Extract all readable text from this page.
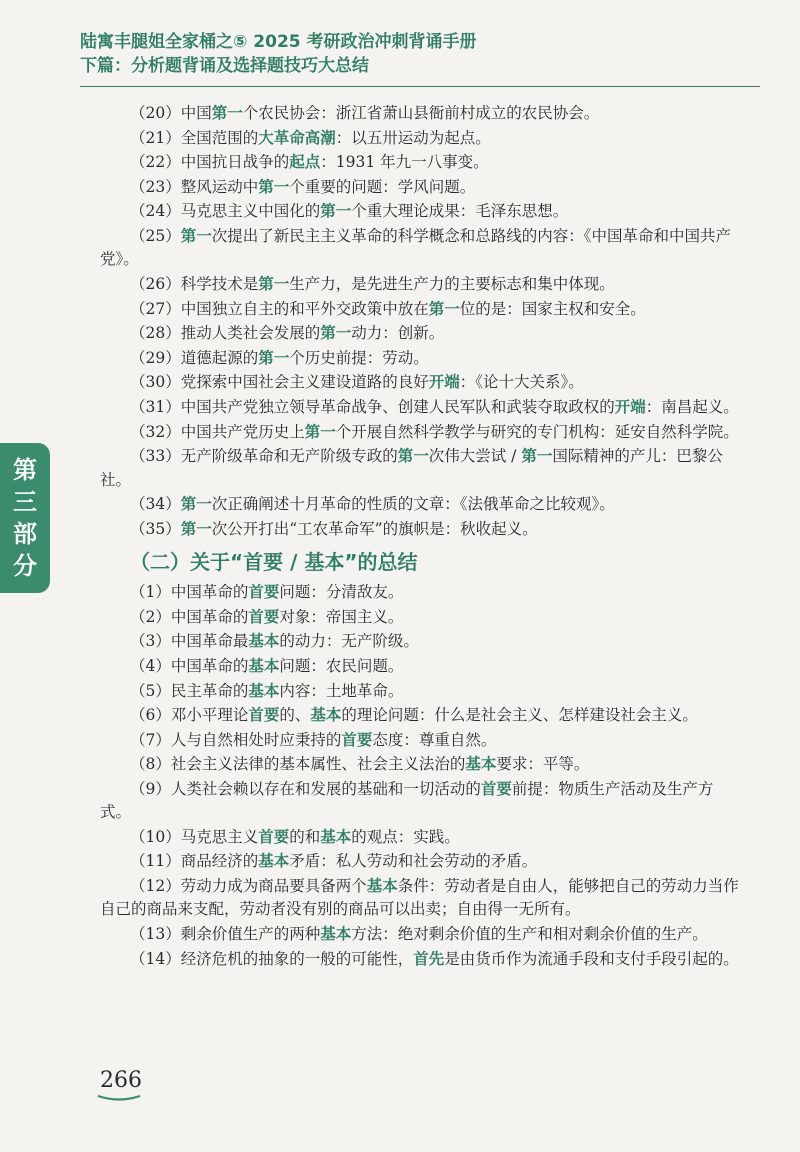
陆寓丰腿姐全家桶之⑤ 2025 考研政治冲刺背诵手册
下篇：分析题背诵及选择题技巧大总结
第
三
部
分

（20）中国第一个农民协会：浙江省萧山县衙前村成立的农民协会。

（21）全国范围的大革命高潮：以五卅运动为起点。

（22）中国抗日战争的起点：1931 年九一八事变。

（23）整风运动中第一个重要的问题：学风问题。

（24）马克思主义中国化的第一个重大理论成果：毛泽东思想。

（25）第一次提出了新民主主义革命的科学概念和总路线的内容：《中国革命和中国共产党》。

（26）科学技术是第一生产力，是先进生产力的主要标志和集中体现。

（27）中国独立自主的和平外交政策中放在第一位的是：国家主权和安全。

（28）推动人类社会发展的第一动力：创新。

（29）道德起源的第一个历史前提：劳动。

（30）党探索中国社会主义建设道路的良好开端：《论十大关系》。

（31）中国共产党独立领导革命战争、创建人民军队和武装夺取政权的开端：南昌起义。

（32）中国共产党历史上第一个开展自然科学教学与研究的专门机构：延安自然科学院。

（33）无产阶级革命和无产阶级专政的第一次伟大尝试 / 第一国际精神的产儿：巴黎公社。

（34）第一次正确阐述十月革命的性质的文章：《法俄革命之比较观》。

（35）第一次公开打出“工农革命军”的旗帜是：秋收起义。

（二）关于“首要 / 基本”的总结

（1）中国革命的首要问题：分清敌友。

（2）中国革命的首要对象：帝国主义。

（3）中国革命最基本的动力：无产阶级。

（4）中国革命的基本问题：农民问题。

（5）民主革命的基本内容：土地革命。

（6）邓小平理论首要的、基本的理论问题：什么是社会主义、怎样建设社会主义。

（7）人与自然相处时应秉持的首要态度：尊重自然。

（8）社会主义法律的基本属性、社会主义法治的基本要求：平等。

（9）人类社会赖以存在和发展的基础和一切活动的首要前提：物质生产活动及生产方式。

（10）马克思主义首要的和基本的观点：实践。

（11）商品经济的基本矛盾：私人劳动和社会劳动的矛盾。

（12）劳动力成为商品要具备两个基本条件：劳动者是自由人，能够把自己的劳动力当作自己的商品来支配，劳动者没有别的商品可以出卖；自由得一无所有。

（13）剩余价值生产的两种基本方法：绝对剩余价值的生产和相对剩余价值的生产。

（14）经济危机的抽象的一般的可能性，首先是由货币作为流通手段和支付手段引起的。

266
